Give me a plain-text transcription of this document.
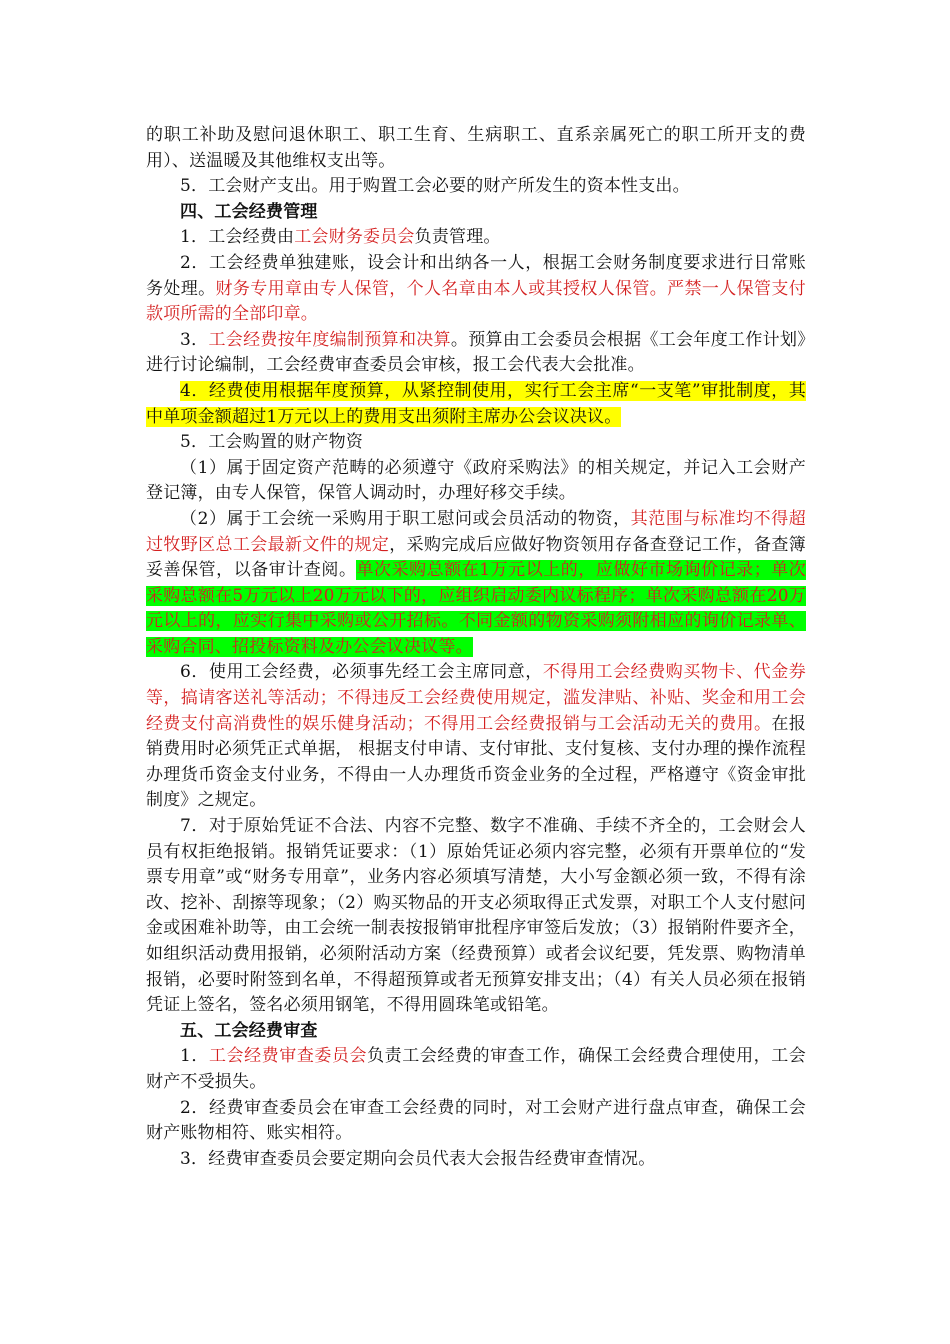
的职工补助及慰问退休职工、职工生育、生病职工、直系亲属死亡的职工所开支的费用）、送温暖及其他维权支出等。

5．工会财产支出。用于购置工会必要的财产所发生的资本性支出。

四、工会经费管理

1．工会经费由工会财务委员会负责管理。

2．工会经费单独建账，设会计和出纳各一人，根据工会财务制度要求进行日常账务处理。财务专用章由专人保管，个人名章由本人或其授权人保管。严禁一人保管支付款项所需的全部印章。

3．工会经费按年度编制预算和决算。预算由工会委员会根据《工会年度工作计划》进行讨论编制，工会经费审查委员会审核，报工会代表大会批准。

4．经费使用根据年度预算，从紧控制使用，实行工会主席“一支笔”审批制度，其中单项金额超过1万元以上的费用支出须附主席办公会议决议。

5．工会购置的财产物资

（1）属于固定资产范畴的必须遵守《政府采购法》的相关规定，并记入工会财产登记簿，由专人保管，保管人调动时，办理好移交手续。

（2）属于工会统一采购用于职工慰问或会员活动的物资，其范围与标准均不得超过牧野区总工会最新文件的规定，采购完成后应做好物资领用存备查登记工作，备查簿妥善保管，以备审计查阅。单次采购总额在1万元以上的，应做好市场询价记录；单次采购总额在5万元以上20万元以下的，应组织启动委内议标程序；单次采购总额在20万元以上的，应实行集中采购或公开招标。不同金额的物资采购须附相应的询价记录单、采购合同、招投标资料及办公会议决议等。

6．使用工会经费，必须事先经工会主席同意，不得用工会经费购买物卡、代金券等，搞请客送礼等活动；不得违反工会经费使用规定，滥发津贴、补贴、奖金和用工会经费支付高消费性的娱乐健身活动；不得用工会经费报销与工会活动无关的费用。在报销费用时必须凭正式单据， 根据支付申请、支付审批、支付复核、支付办理的操作流程办理货币资金支付业务，不得由一人办理货币资金业务的全过程，严格遵守《资金审批制度》之规定。

7．对于原始凭证不合法、内容不完整、数字不准确、手续不齐全的，工会财会人员有权拒绝报销。报销凭证要求：（1）原始凭证必须内容完整，必须有开票单位的“发票专用章”或“财务专用章”，业务内容必须填写清楚，大小写金额必须一致，不得有涂改、挖补、刮擦等现象；（2）购买物品的开支必须取得正式发票，对职工个人支付慰问金或困难补助等，由工会统一制表按报销审批程序审签后发放；（3）报销附件要齐全，如组织活动费用报销，必须附活动方案（经费预算）或者会议纪要，凭发票、购物清单报销，必要时附签到名单，不得超预算或者无预算安排支出；（4）有关人员必须在报销凭证上签名，签名必须用钢笔，不得用圆珠笔或铅笔。

五、工会经费审查

1．工会经费审查委员会负责工会经费的审查工作，确保工会经费合理使用，工会财产不受损失。

2．经费审查委员会在审查工会经费的同时，对工会财产进行盘点审查，确保工会财产账物相符、账实相符。

3．经费审查委员会要定期向会员代表大会报告经费审查情况。
